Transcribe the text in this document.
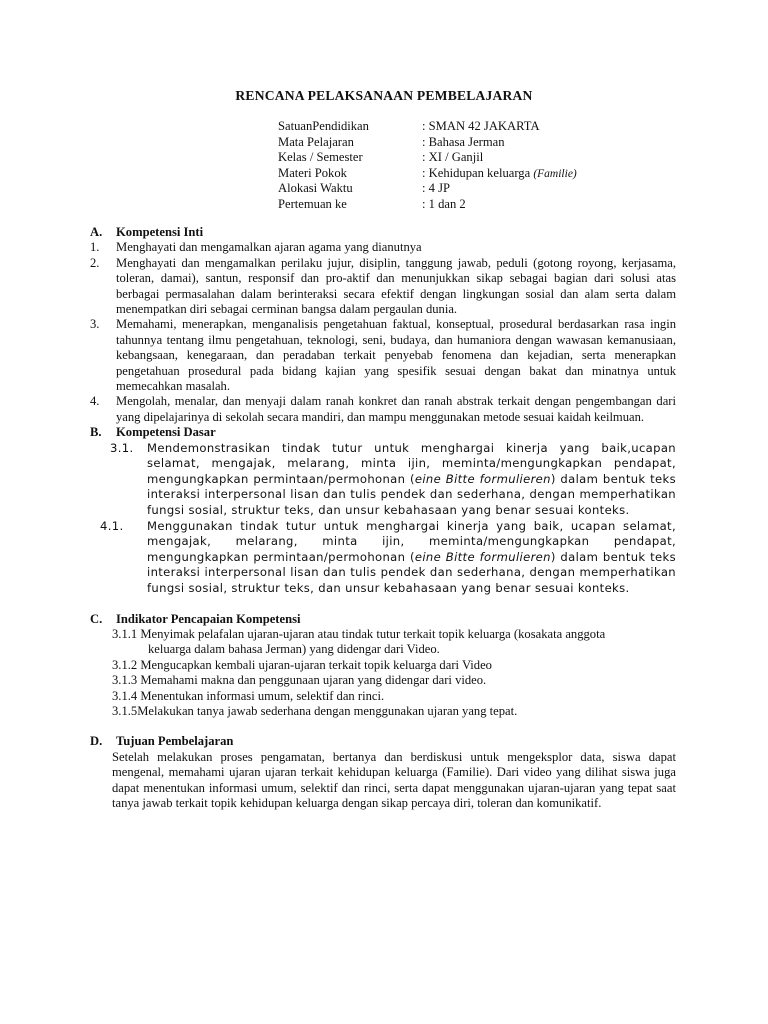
RENCANA PELAKSANAAN PEMBELAJARAN
SatuanPendidikan	: SMAN 42 JAKARTA
Mata Pelajaran	: Bahasa Jerman
Kelas / Semester	: XI / Ganjil
Materi Pokok	: Kehidupan keluarga (Familie)
Alokasi Waktu	: 4 JP
Pertemuan ke	: 1 dan 2
A. Kompetensi Inti
1. Menghayati dan mengamalkan ajaran agama yang dianutnya
2. Menghayati dan mengamalkan perilaku jujur, disiplin, tanggung jawab, peduli (gotong royong, kerjasama, toleran, damai), santun, responsif dan pro-aktif dan menunjukkan sikap sebagai bagian dari solusi atas berbagai permasalahan dalam berinteraksi secara efektif dengan lingkungan sosial dan alam serta dalam menempatkan diri sebagai cerminan bangsa dalam pergaulan dunia.
3. Memahami, menerapkan, menganalisis pengetahuan faktual, konseptual, prosedural berdasarkan rasa ingin tahunnya tentang ilmu pengetahuan, teknologi, seni, budaya, dan humaniora dengan wawasan kemanusiaan, kebangsaan, kenegaraan, dan peradaban terkait penyebab fenomena dan kejadian, serta menerapkan pengetahuan prosedural pada bidang kajian yang spesifik sesuai dengan bakat dan minatnya untuk memecahkan masalah.
4. Mengolah, menalar, dan menyaji dalam ranah konkret dan ranah abstrak terkait dengan pengembangan dari yang dipelajarinya di sekolah secara mandiri, dan mampu menggunakan metode sesuai kaidah keilmuan.
B. Kompetensi Dasar
3.1. Mendemonstrasikan tindak tutur untuk menghargai kinerja yang baik,ucapan selamat, mengajak, melarang, minta ijin, meminta/mengungkapkan pendapat, mengungkapkan permintaan/permohonan (eine Bitte formulieren) dalam bentuk teks interaksi interpersonal lisan dan tulis pendek dan sederhana, dengan memperhatikan fungsi sosial, struktur teks, dan unsur kebahasaan yang benar sesuai konteks.
4.1. Menggunakan tindak tutur untuk menghargai kinerja yang baik, ucapan selamat, mengajak, melarang, minta ijin, meminta/mengungkapkan pendapat, mengungkapkan permintaan/permohonan (eine Bitte formulieren) dalam bentuk teks interaksi interpersonal lisan dan tulis pendek dan sederhana, dengan memperhatikan fungsi sosial, struktur teks, dan unsur kebahasaan yang benar sesuai konteks.
C. Indikator Pencapaian Kompetensi
3.1.1 Menyimak pelafalan ujaran-ujaran atau tindak tutur terkait topik keluarga (kosakata anggota
keluarga dalam bahasa Jerman) yang didengar dari Video.
3.1.2 Mengucapkan kembali ujaran-ujaran terkait topik keluarga dari Video
3.1.3 Memahami makna dan penggunaan ujaran yang didengar dari video.
3.1.4 Menentukan informasi umum, selektif dan rinci.
3.1.5Melakukan tanya jawab sederhana dengan menggunakan ujaran yang tepat.
D. Tujuan Pembelajaran
Setelah melakukan proses pengamatan, bertanya dan berdiskusi untuk mengeksplor data, siswa dapat mengenal, memahami ujaran ujaran terkait kehidupan keluarga (Familie). Dari video yang dilihat siswa juga dapat menentukan informasi umum, selektif dan rinci, serta dapat menggunakan ujaran-ujaran yang tepat saat tanya jawab terkait topik kehidupan keluarga dengan sikap percaya diri, toleran dan komunikatif.
